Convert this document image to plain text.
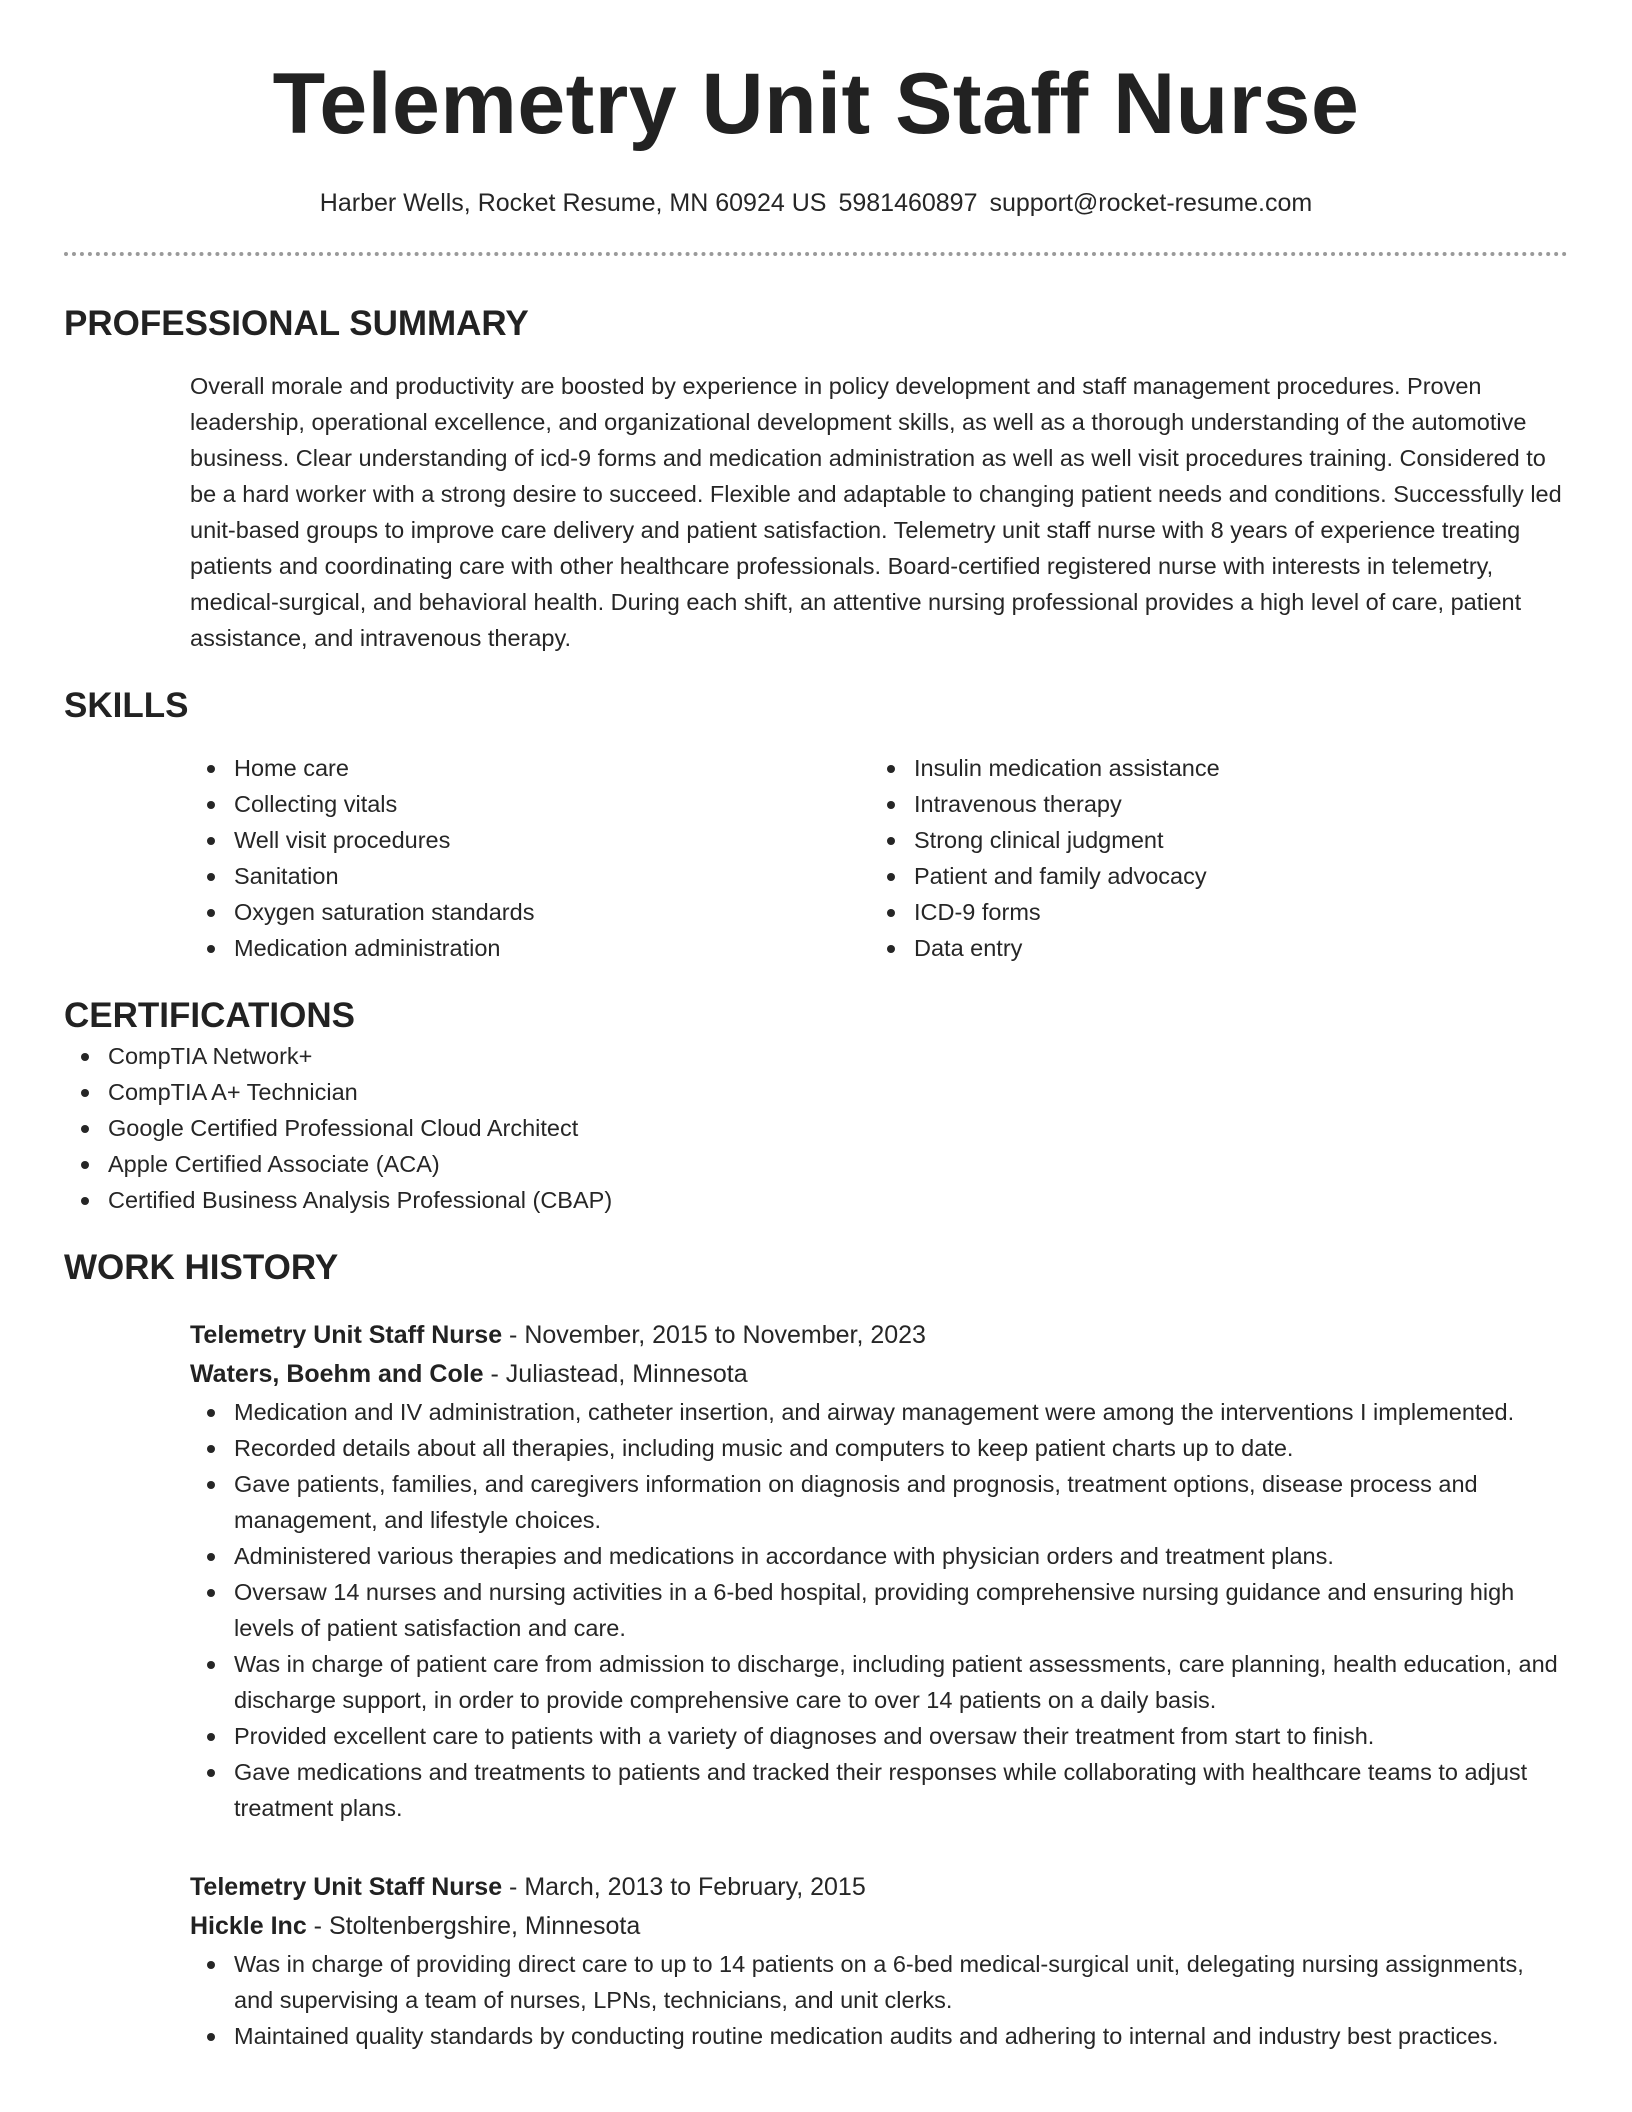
Telemetry Unit Staff Nurse
Harber Wells, Rocket Resume, MN 60924 US 5981460897 support@rocket-resume.com
PROFESSIONAL SUMMARY
Overall morale and productivity are boosted by experience in policy development and staff management procedures. Proven leadership, operational excellence, and organizational development skills, as well as a thorough understanding of the automotive business. Clear understanding of icd-9 forms and medication administration as well as well visit procedures training. Considered to be a hard worker with a strong desire to succeed. Flexible and adaptable to changing patient needs and conditions. Successfully led unit-based groups to improve care delivery and patient satisfaction. Telemetry unit staff nurse with 8 years of experience treating patients and coordinating care with other healthcare professionals. Board-certified registered nurse with interests in telemetry, medical-surgical, and behavioral health. During each shift, an attentive nursing professional provides a high level of care, patient assistance, and intravenous therapy.
SKILLS
Home care
Collecting vitals
Well visit procedures
Sanitation
Oxygen saturation standards
Medication administration
Insulin medication assistance
Intravenous therapy
Strong clinical judgment
Patient and family advocacy
ICD-9 forms
Data entry
CERTIFICATIONS
CompTIA Network+
CompTIA A+ Technician
Google Certified Professional Cloud Architect
Apple Certified Associate (ACA)
Certified Business Analysis Professional (CBAP)
WORK HISTORY
Telemetry Unit Staff Nurse - November, 2015 to November, 2023
Waters, Boehm and Cole - Juliastead, Minnesota
Medication and IV administration, catheter insertion, and airway management were among the interventions I implemented.
Recorded details about all therapies, including music and computers to keep patient charts up to date.
Gave patients, families, and caregivers information on diagnosis and prognosis, treatment options, disease process and management, and lifestyle choices.
Administered various therapies and medications in accordance with physician orders and treatment plans.
Oversaw 14 nurses and nursing activities in a 6-bed hospital, providing comprehensive nursing guidance and ensuring high levels of patient satisfaction and care.
Was in charge of patient care from admission to discharge, including patient assessments, care planning, health education, and discharge support, in order to provide comprehensive care to over 14 patients on a daily basis.
Provided excellent care to patients with a variety of diagnoses and oversaw their treatment from start to finish.
Gave medications and treatments to patients and tracked their responses while collaborating with healthcare teams to adjust treatment plans.
Telemetry Unit Staff Nurse - March, 2013 to February, 2015
Hickle Inc - Stoltenbergshire, Minnesota
Was in charge of providing direct care to up to 14 patients on a 6-bed medical-surgical unit, delegating nursing assignments, and supervising a team of nurses, LPNs, technicians, and unit clerks.
Maintained quality standards by conducting routine medication audits and adhering to internal and industry best practices.
